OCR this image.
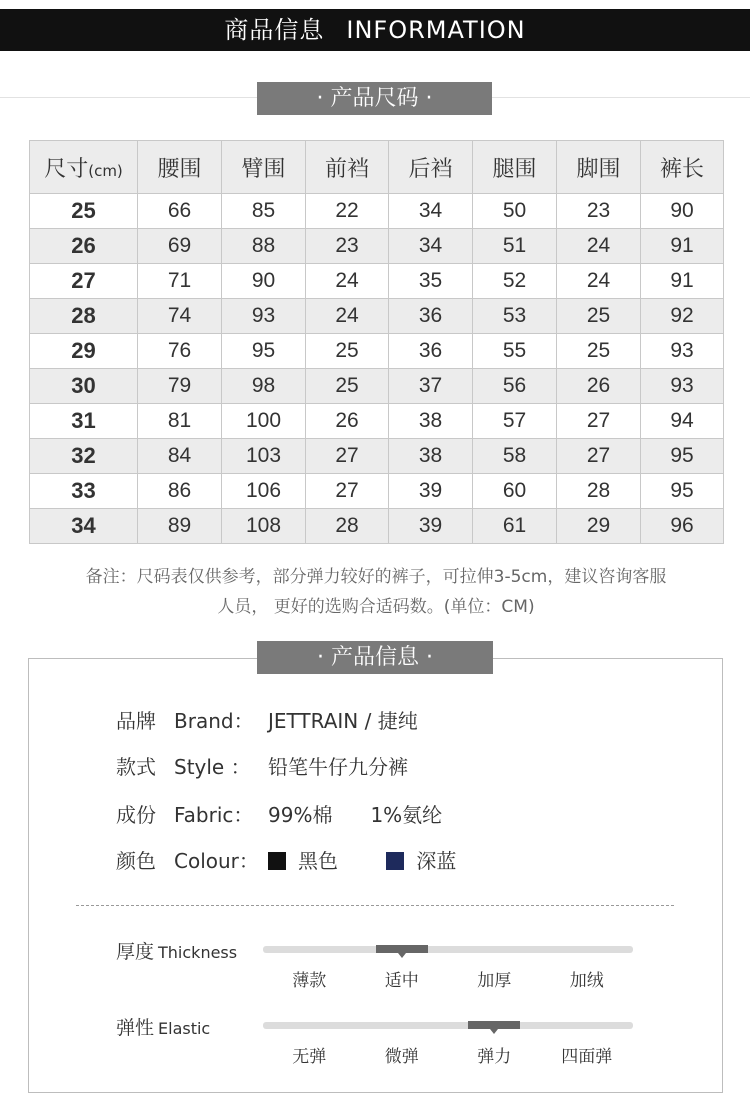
商品信息 INFORMATION
· 产品尺码 ·
尺寸(cm)	腰围	臂围	前裆	后裆	腿围	脚围	裤长
25	66	85	22	34	50	23	90
26	69	88	23	34	51	24	91
27	71	90	24	35	52	24	91
28	74	93	24	36	53	25	92
29	76	95	25	36	55	25	93
30	79	98	25	37	56	26	93
31	81	100	26	38	57	27	94
32	84	103	27	38	58	27	95
33	86	106	27	39	60	28	95
34	89	108	28	39	61	29	96
备注：尺码表仅供参考，部分弹力较好的裤子，可拉伸3-5cm，建议咨询客服
人员， 更好的选购合适码数。(单位：CM)
· 产品信息 ·
品牌 Brand： JETTRAIN / 捷纯
款式 Style ： 铅笔牛仔九分裤
成份 Fabric： 99%棉 1%氨纶
颜色 Colour：	黑色	深蓝
厚度 Thickness
薄款	适中	加厚	加绒
弹性 Elastic
无弹	微弹	弹力	四面弹
